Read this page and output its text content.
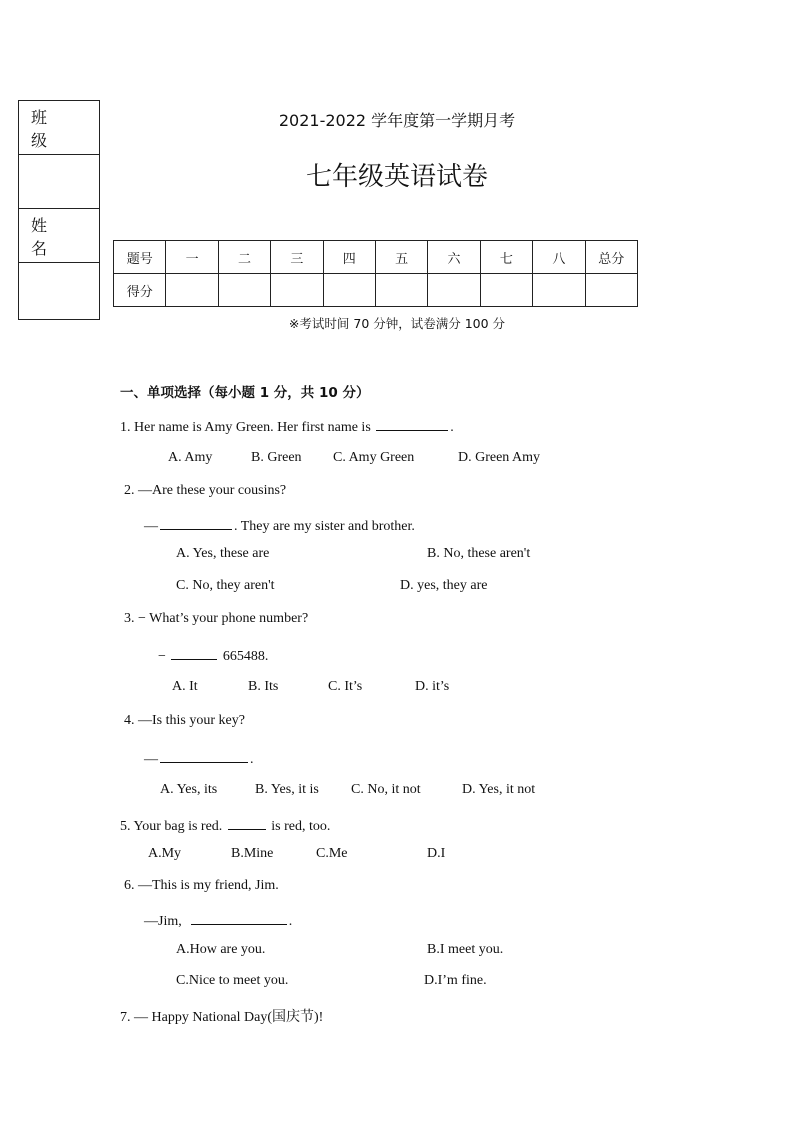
班 级
姓 名
2021-2022 学年度第一学期月考
七年级英语试卷
题号	一	二	三	四	五	六	七	八	总分
得分									
※考试时间 70 分钟，试卷满分 100 分
一、单项选择（每小题 1 分，共 10 分）
1. Her name is Amy Green. Her first name is	.
A. Amy	B. Green C. Amy Green	D. Green Amy
2. —Are these your cousins?
—	. They are my sister and brother.
A. Yes, these are	B. No, these aren't
C. No, they aren't	D. yes, they are
3. − What’s your phone number?
−	665488.
A. It	B. Its	C. It’s	D. it’s
4. —Is this your key?
—	.
A. Yes, its	B. Yes, it is C. No, it not	D. Yes, it not
5. Your bag is red.	is red, too.
A.My	B.Mine	C.Me	D.I
6. —This is my friend, Jim.
—Jim,	.
A.How are you.	B.I meet you.
C.Nice to meet you.	D.I’m fine.
7. — Happy National Day(国庆节)!
